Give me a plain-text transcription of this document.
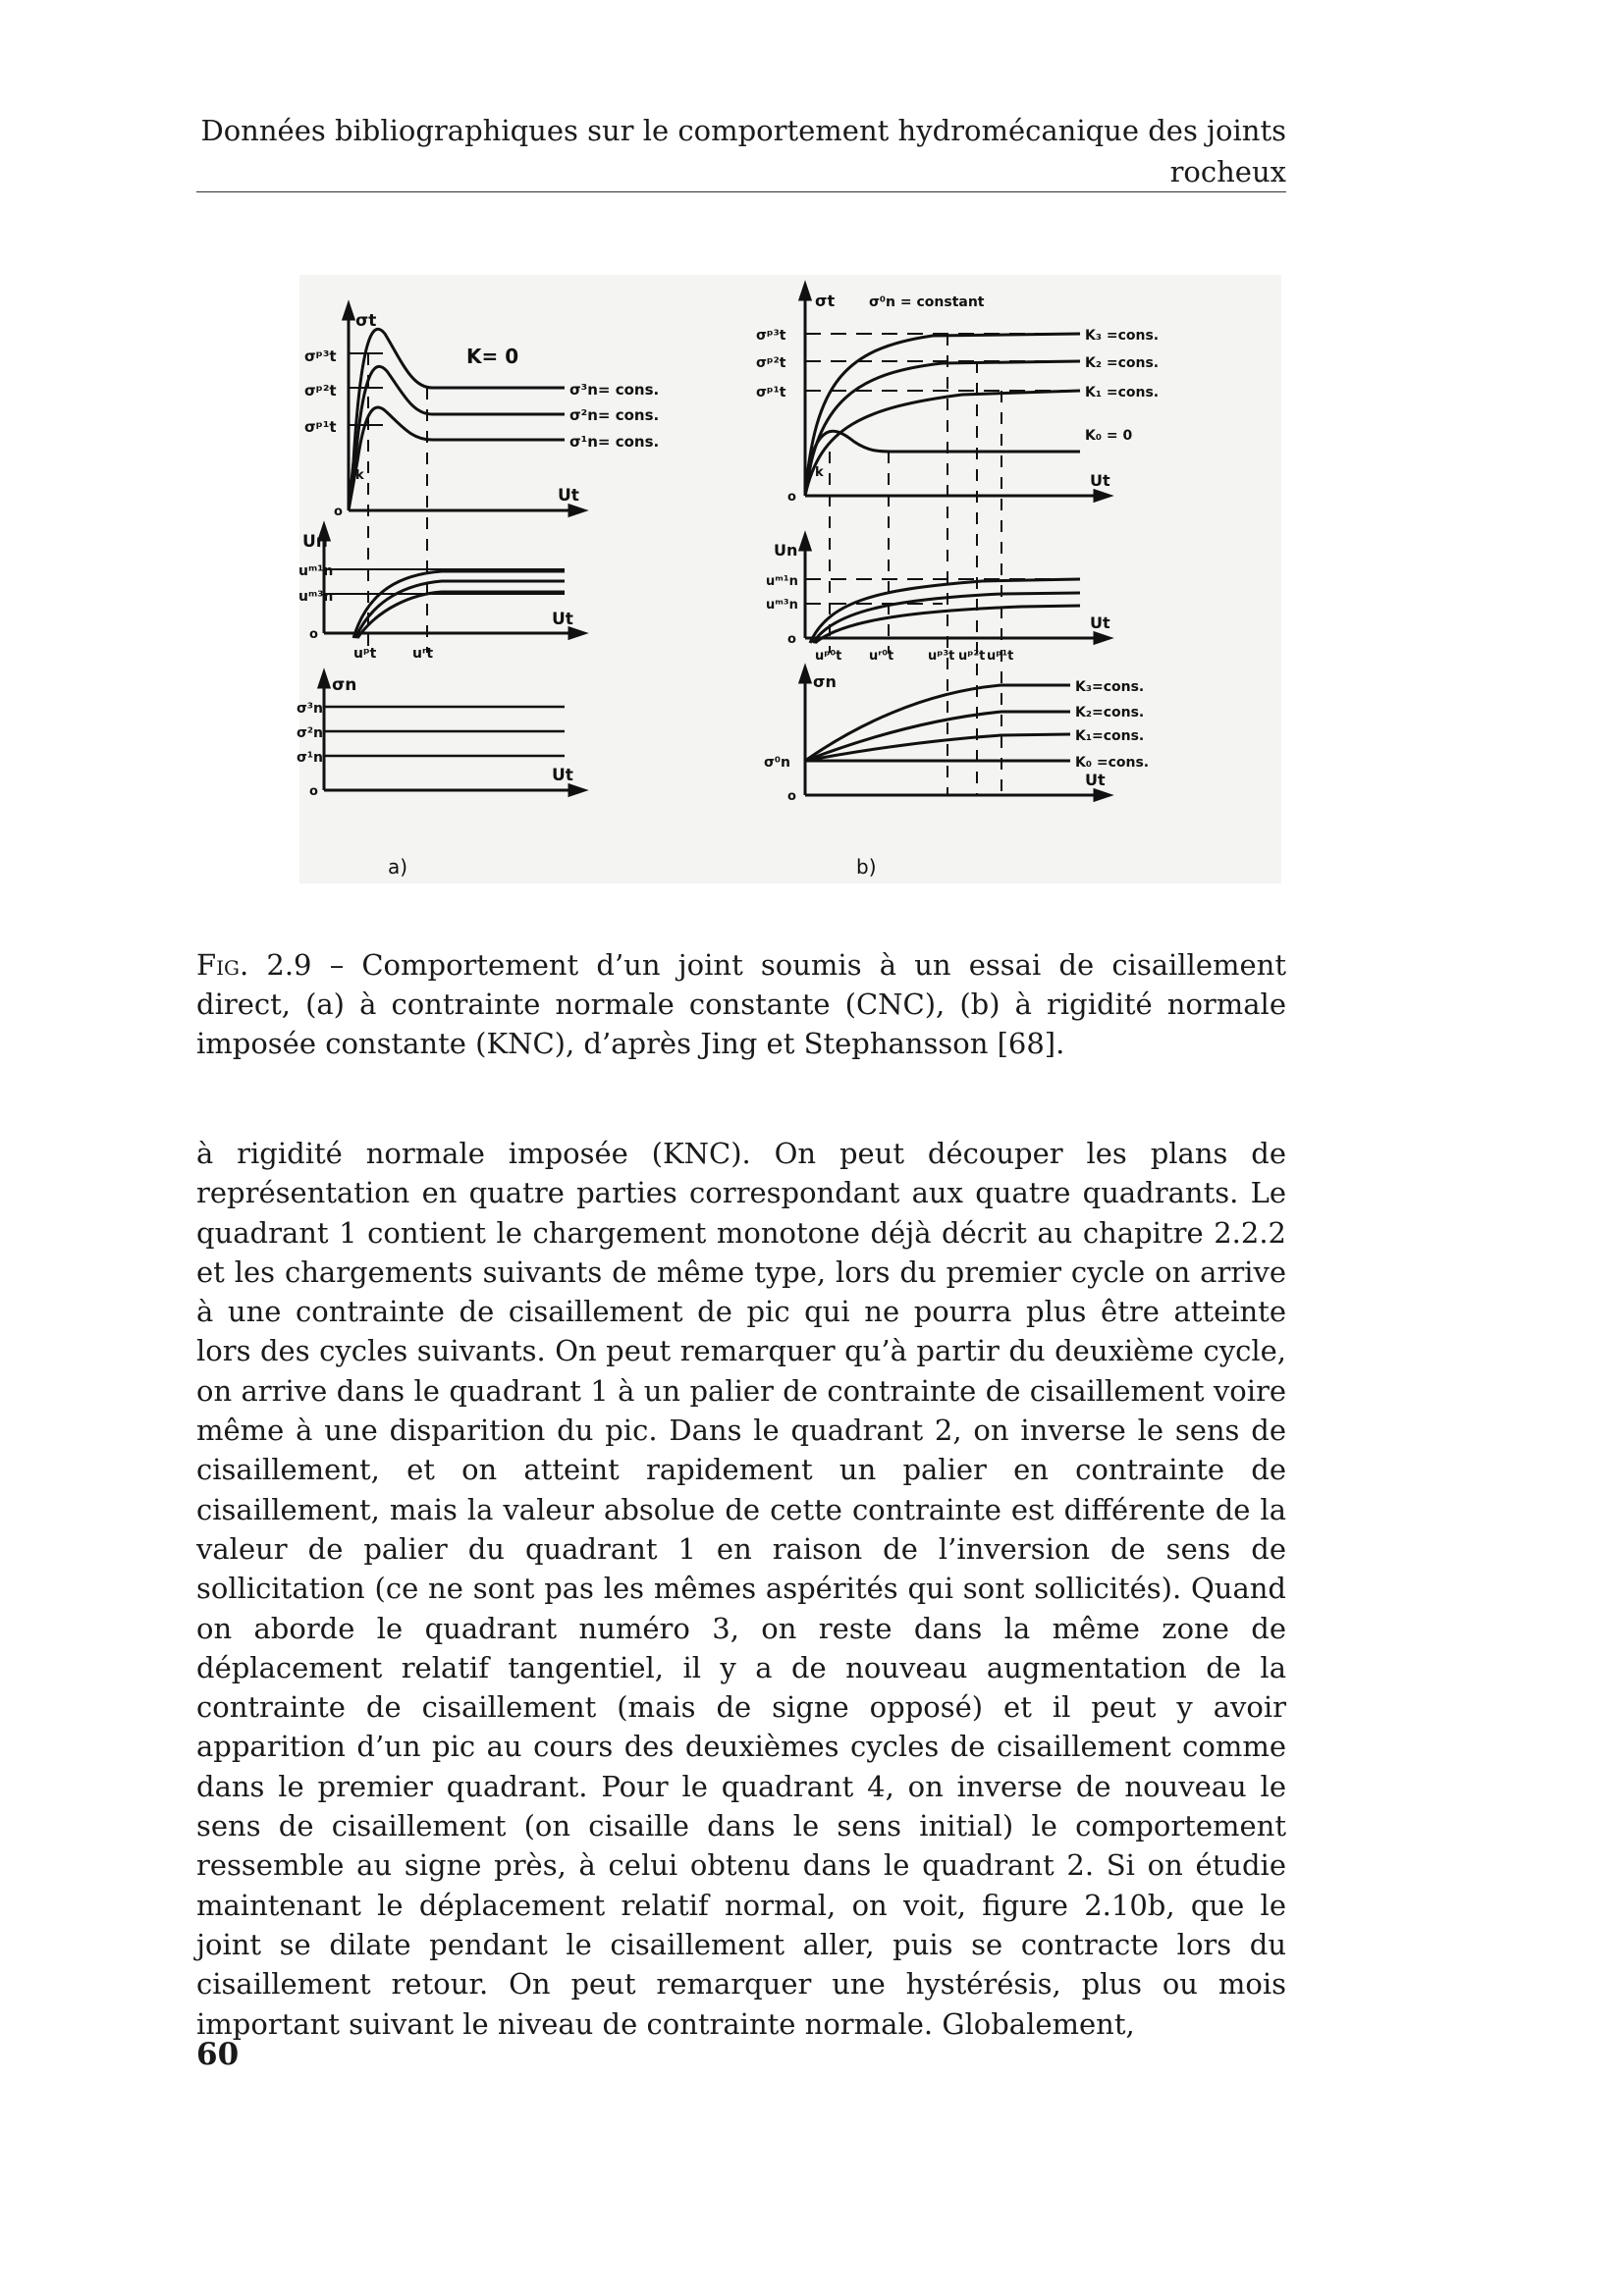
Données bibliographiques sur le comportement hydromécanique des joints rocheux
σt
K= 0
σᵖ³t
σᵖ²t
σᵖ¹t
σ³n= cons.
σ²n= cons.
σ¹n= cons.
k
o
Ut
Un
uᵐ¹n
uᵐ³n
o
Ut
uᵖt	uʳt
σn
σ³n
σ²n
σ¹n
o
Ut
a)
σt σ⁰n = constant
σᵖ³t
σᵖ²t
σᵖ¹t
K₃ =cons.
K₂ =cons.
K₁ =cons.
K₀ = 0
k
o
Ut
Un
uᵐ¹n
uᵐ³n
o
Ut
uᵖ⁰t uʳ⁰t	uᵖ³t uᵖ²t uᵖ¹t
σn
σ⁰n
K₃=cons.
K₂=cons.
K₁=cons.
K₀ =cons.
o
Ut
b)
Fig. 2.9 – Comportement d’un joint soumis à un essai de cisaillement direct, (a) à contrainte normale constante (CNC), (b) à rigidité normale imposée constante (KNC), d’après Jing et Stephansson [68].

à rigidité normale imposée (KNC). On peut découper les plans de représentation en quatre parties correspondant aux quatre quadrants. Le quadrant 1 contient le chargement monotone déjà décrit au chapitre 2.2.2 et les chargements suivants de même type, lors du premier cycle on arrive à une contrainte de cisaillement de pic qui ne pourra plus être atteinte lors des cycles suivants. On peut remarquer qu’à partir du deuxième cycle, on arrive dans le quadrant 1 à un palier de contrainte de cisaillement voire même à une disparition du pic. Dans le quadrant 2, on inverse le sens de cisaillement, et on atteint rapidement un palier en contrainte de cisaillement, mais la valeur absolue de cette contrainte est différente de la valeur de palier du quadrant 1 en raison de l’inversion de sens de sollicitation (ce ne sont pas les mêmes aspérités qui sont sollicités). Quand on aborde le quadrant numéro 3, on reste dans la même zone de déplacement relatif tangentiel, il y a de nouveau augmentation de la contrainte de cisaillement (mais de signe opposé) et il peut y avoir apparition d’un pic au cours des deuxièmes cycles de cisaillement comme dans le premier quadrant. Pour le quadrant 4, on inverse de nouveau le sens de cisaillement (on cisaille dans le sens initial) le comportement ressemble au signe près, à celui obtenu dans le quadrant 2. Si on étudie maintenant le déplacement relatif normal, on voit, figure 2.10b, que le joint se dilate pendant le cisaillement aller, puis se contracte lors du cisaillement retour. On peut remarquer une hystérésis, plus ou mois important suivant le niveau de contrainte normale. Globalement,

60
